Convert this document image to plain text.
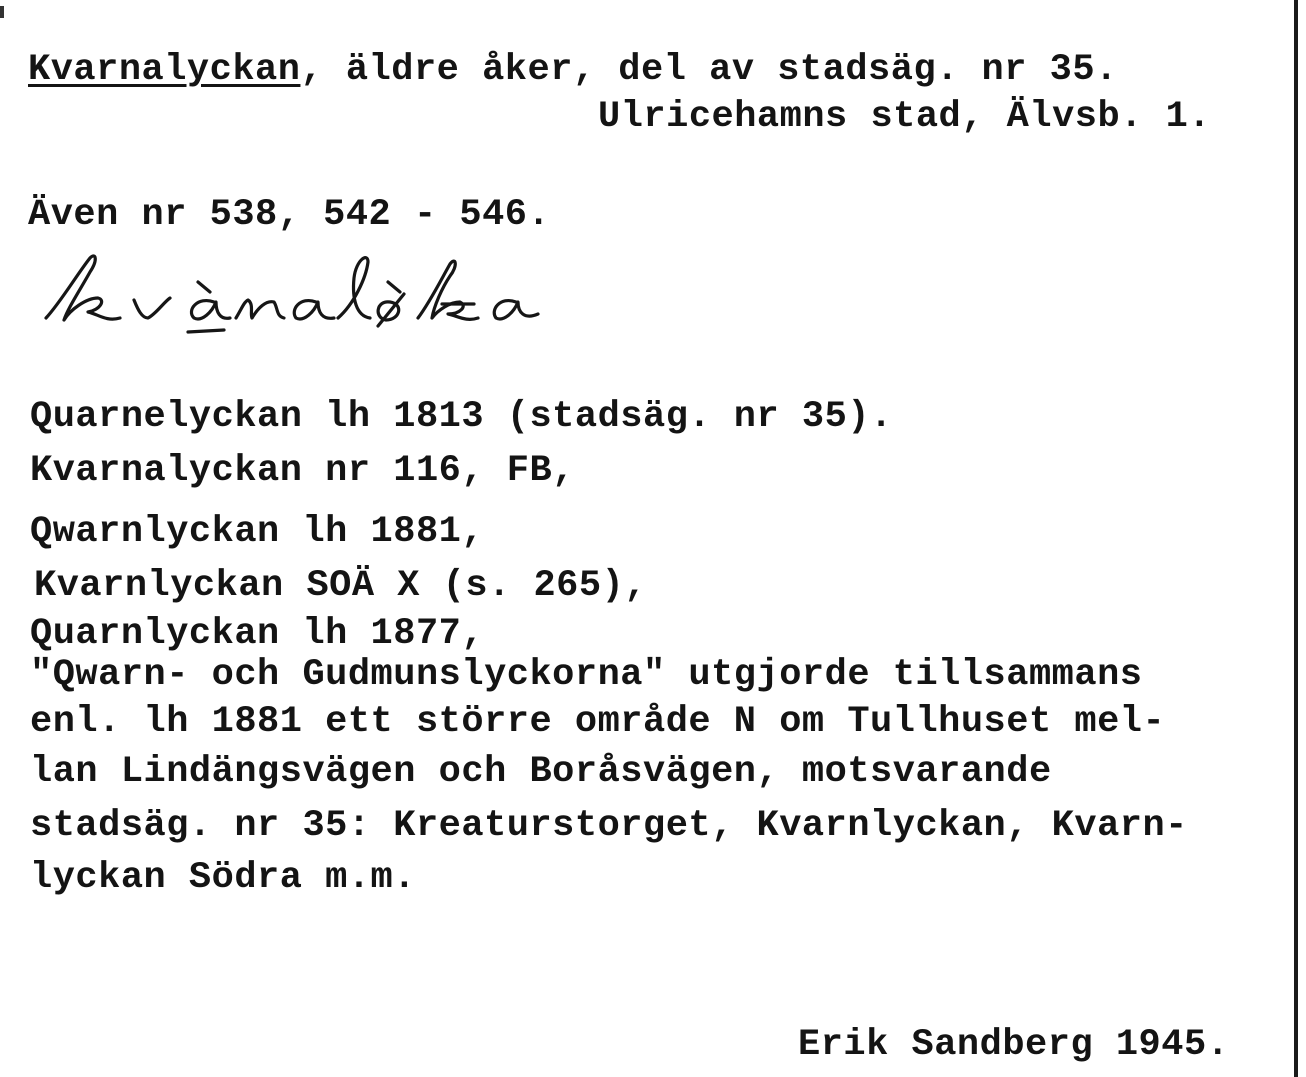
Kvarnalyckan, äldre åker, del av stadsäg. nr 35.
Ulricehamns stad, Älvsb. 1.
Även nr 538, 542 - 546.
Quarnelyckan lh 1813 (stadsäg. nr 35).
Kvarnalyckan nr 116, FB,
Qwarnlyckan lh 1881,
Kvarnlyckan SOÄ X (s. 265),
Quarnlyckan lh 1877,
"Qwarn- och Gudmunslyckorna" utgjorde tillsammans
enl. lh 1881 ett större område N om Tullhuset mel-
lan Lindängsvägen och Boråsvägen, motsvarande
stadsäg. nr 35: Kreaturstorget, Kvarnlyckan, Kvarn-
lyckan Södra m.m.
Erik Sandberg 1945.
